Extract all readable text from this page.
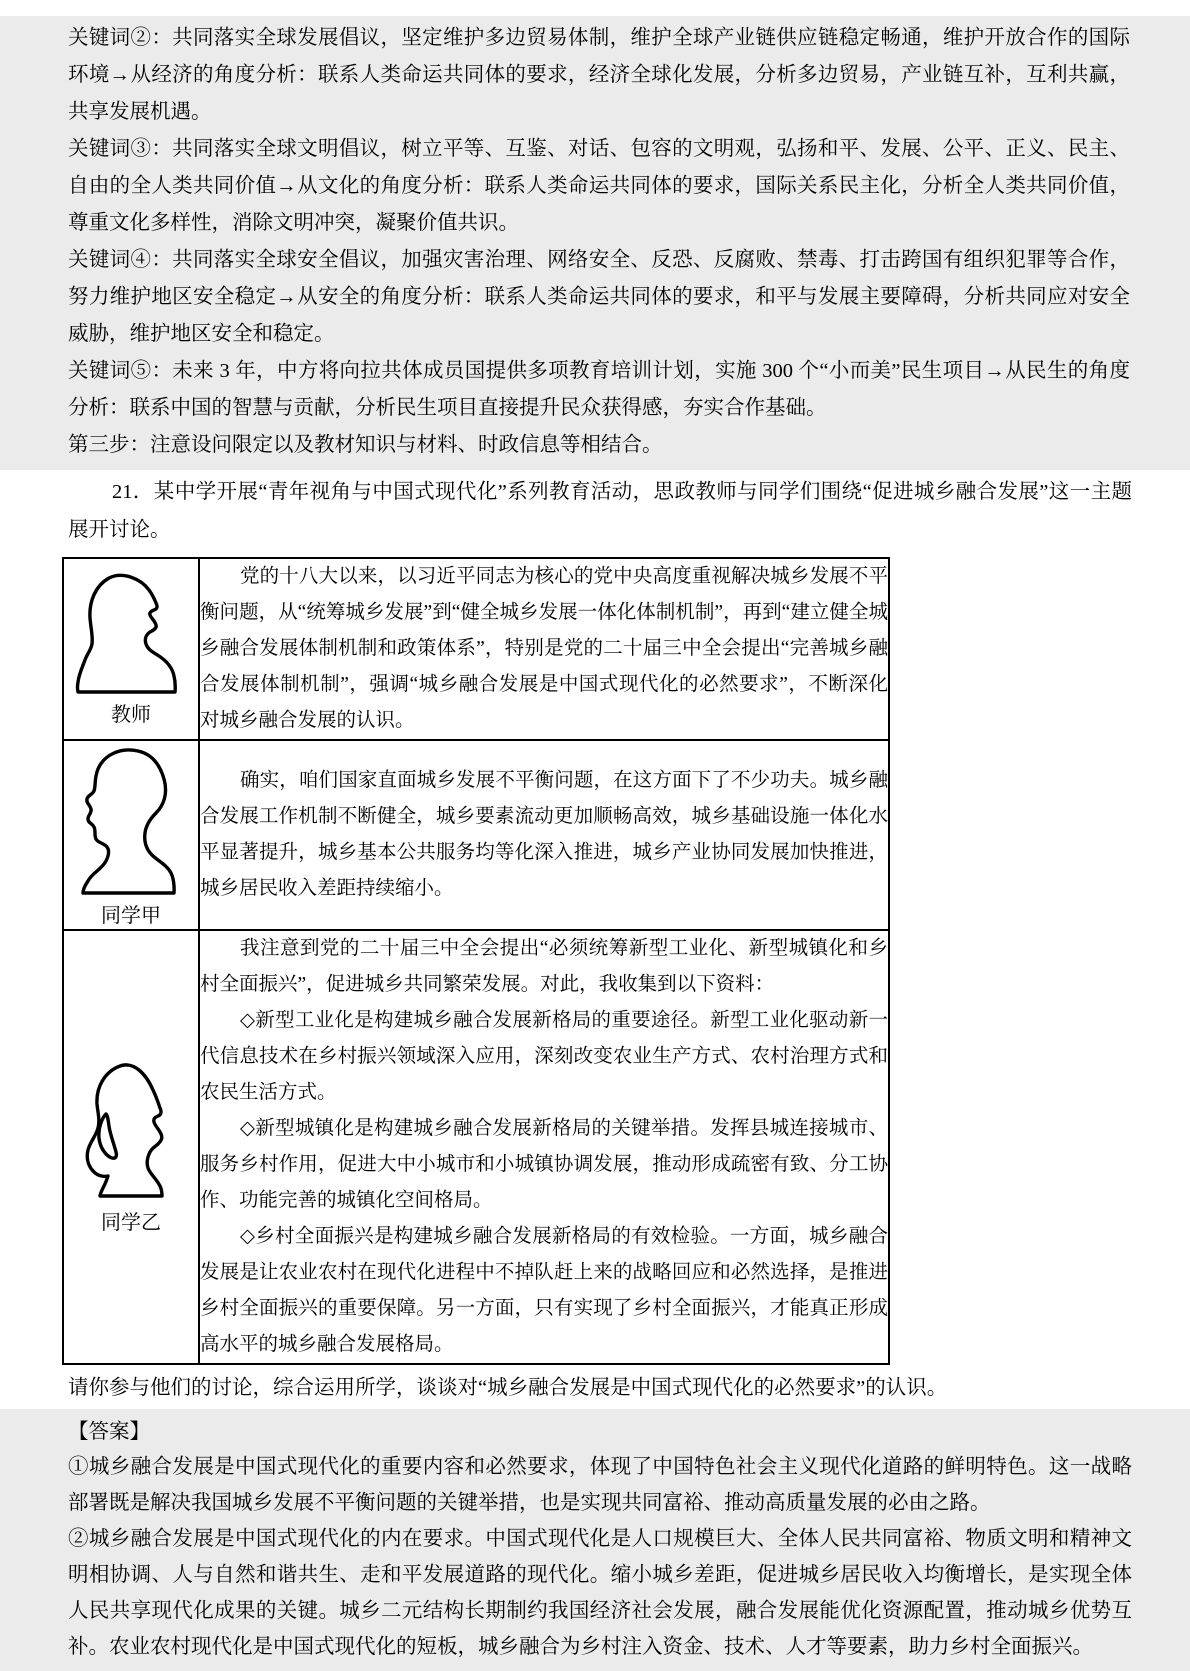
关键词②：共同落实全球发展倡议，坚定维护多边贸易体制，维护全球产业链供应链稳定畅通，维护开放合作的国际环境→从经济的角度分析：联系人类命运共同体的要求，经济全球化发展，分析多边贸易，产业链互补，互利共赢，共享发展机遇。

关键词③：共同落实全球文明倡议，树立平等、互鉴、对话、包容的文明观，弘扬和平、发展、公平、正义、民主、自由的全人类共同价值→从文化的角度分析：联系人类命运共同体的要求，国际关系民主化，分析全人类共同价值，尊重文化多样性，消除文明冲突，凝聚价值共识。

关键词④：共同落实全球安全倡议，加强灾害治理、网络安全、反恐、反腐败、禁毒、打击跨国有组织犯罪等合作，努力维护地区安全稳定→从安全的角度分析：联系人类命运共同体的要求，和平与发展主要障碍，分析共同应对安全威胁，维护地区安全和稳定。

关键词⑤：未来 3 年，中方将向拉共体成员国提供多项教育培训计划，实施 300 个“小而美”民生项目→从民生的角度分析：联系中国的智慧与贡献，分析民生项目直接提升民众获得感，夯实合作基础。

第三步：注意设问限定以及教材知识与材料、时政信息等相结合。

21．某中学开展“青年视角与中国式现代化”系列教育活动，思政教师与同学们围绕“促进城乡融合发展”这一主题展开讨论。

教师	党的十八大以来，以习近平同志为核心的党中央高度重视解决城乡发展不平衡问题，从“统筹城乡发展”到“健全城乡发展一体化体制机制”，再到“建立健全城乡融合发展体制机制和政策体系”，特别是党的二十届三中全会提出“完善城乡融合发展体制机制”，强调“城乡融合发展是中国式现代化的必然要求”，不断深化对城乡融合发展的认识。

同学甲	确实，咱们国家直面城乡发展不平衡问题，在这方面下了不少功夫。城乡融合发展工作机制不断健全，城乡要素流动更加顺畅高效，城乡基础设施一体化水平显著提升，城乡基本公共服务均等化深入推进，城乡产业协同发展加快推进，城乡居民收入差距持续缩小。

同学乙	我注意到党的二十届三中全会提出“必须统筹新型工业化、新型城镇化和乡村全面振兴”，促进城乡共同繁荣发展。对此，我收集到以下资料：

◇新型工业化是构建城乡融合发展新格局的重要途径。新型工业化驱动新一代信息技术在乡村振兴领域深入应用，深刻改变农业生产方式、农村治理方式和农民生活方式。

◇新型城镇化是构建城乡融合发展新格局的关键举措。发挥县城连接城市、服务乡村作用，促进大中小城市和小城镇协调发展，推动形成疏密有致、分工协作、功能完善的城镇化空间格局。

◇乡村全面振兴是构建城乡融合发展新格局的有效检验。一方面，城乡融合发展是让农业农村在现代化进程中不掉队赶上来的战略回应和必然选择，是推进乡村全面振兴的重要保障。另一方面，只有实现了乡村全面振兴，才能真正形成高水平的城乡融合发展格局。

请你参与他们的讨论，综合运用所学，谈谈对“城乡融合发展是中国式现代化的必然要求”的认识。

【答案】

①城乡融合发展是中国式现代化的重要内容和必然要求，体现了中国特色社会主义现代化道路的鲜明特色。这一战略部署既是解决我国城乡发展不平衡问题的关键举措，也是实现共同富裕、推动高质量发展的必由之路。

②城乡融合发展是中国式现代化的内在要求。中国式现代化是人口规模巨大、全体人民共同富裕、物质文明和精神文明相协调、人与自然和谐共生、走和平发展道路的现代化。缩小城乡差距，促进城乡居民收入均衡增长，是实现全体人民共享现代化成果的关键。城乡二元结构长期制约我国经济社会发展，融合发展能优化资源配置，推动城乡优势互补。农业农村现代化是中国式现代化的短板，城乡融合为乡村注入资金、技术、人才等要素，助力乡村全面振兴。
